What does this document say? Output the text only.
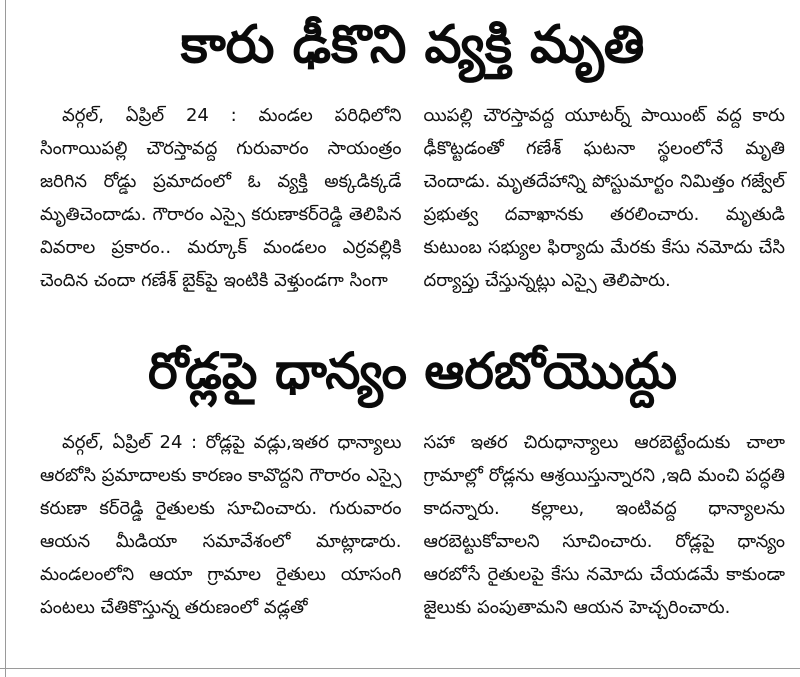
కారు ఢీకొని వ్యక్తి మృతి

వర్గల్, ఏప్రిల్ 24 : మండల పరిధిలోని సింగాయిపల్లి చౌరస్తావద్ద గురువారం సాయంత్రం జరిగిన రోడ్డు ప్రమాదంలో ఓ వ్యక్తి అక్కడిక్కడే మృతిచెందాడు. గౌరారం ఎస్సై కరుణాకర్‌రెడ్డి తెలిపిన వివరాల ప్రకారం.. మర్కూక్ మండలం ఎర్రవల్లికి చెందిన చందా గణేశ్ బైక్‌పై ఇంటికి వెళ్తుండగా సింగా

యిపల్లి చౌరస్తావద్ద యూటర్న్ పాయింట్ వద్ద కారు ఢీకొట్టడంతో గణేశ్ ఘటనా స్థలంలోనే మృతి చెందాడు. మృతదేహాన్ని పోస్టుమార్టం నిమిత్తం గజ్వేల్ ప్రభుత్వ దవాఖానకు తరలించారు. మృతుడి కుటుంబ సభ్యుల ఫిర్యాదు మేరకు కేసు నమోదు చేసి దర్యాప్తు చేస్తున్నట్లు ఎస్సై తెలిపారు.

రోడ్లపై ధాన్యం ఆరబోయొద్దు

వర్గల్, ఏప్రిల్ 24 : రోడ్లపై వడ్లు,ఇతర ధాన్యాలు ఆరబోసి ప్రమాదాలకు కారణం కావొద్దని గౌరారం ఎస్సై కరుణా కర్‌రెడ్డి రైతులకు సూచించారు. గురువారం ఆయన మీడియా సమావేశంలో మాట్లాడారు. మండలంలోని ఆయా గ్రామాల రైతులు యాసంగి పంటలు చేతికొస్తున్న తరుణంలో వడ్లతో

సహా ఇతర చిరుధాన్యాలు ఆరబెట్టేందుకు చాలా గ్రామాల్లో రోడ్లను ఆశ్రయిస్తున్నారని ,ఇది మంచి పద్ధతి కాదన్నారు. కల్లాలు, ఇంటివద్ద ధాన్యాలను ఆరబెట్టుకోవాలని సూచించారు. రోడ్లపై ధాన్యం ఆరబోసే రైతులపై కేసు నమోదు చేయడమే కాకుండా జైలుకు పంపుతామని ఆయన హెచ్చరించారు.
